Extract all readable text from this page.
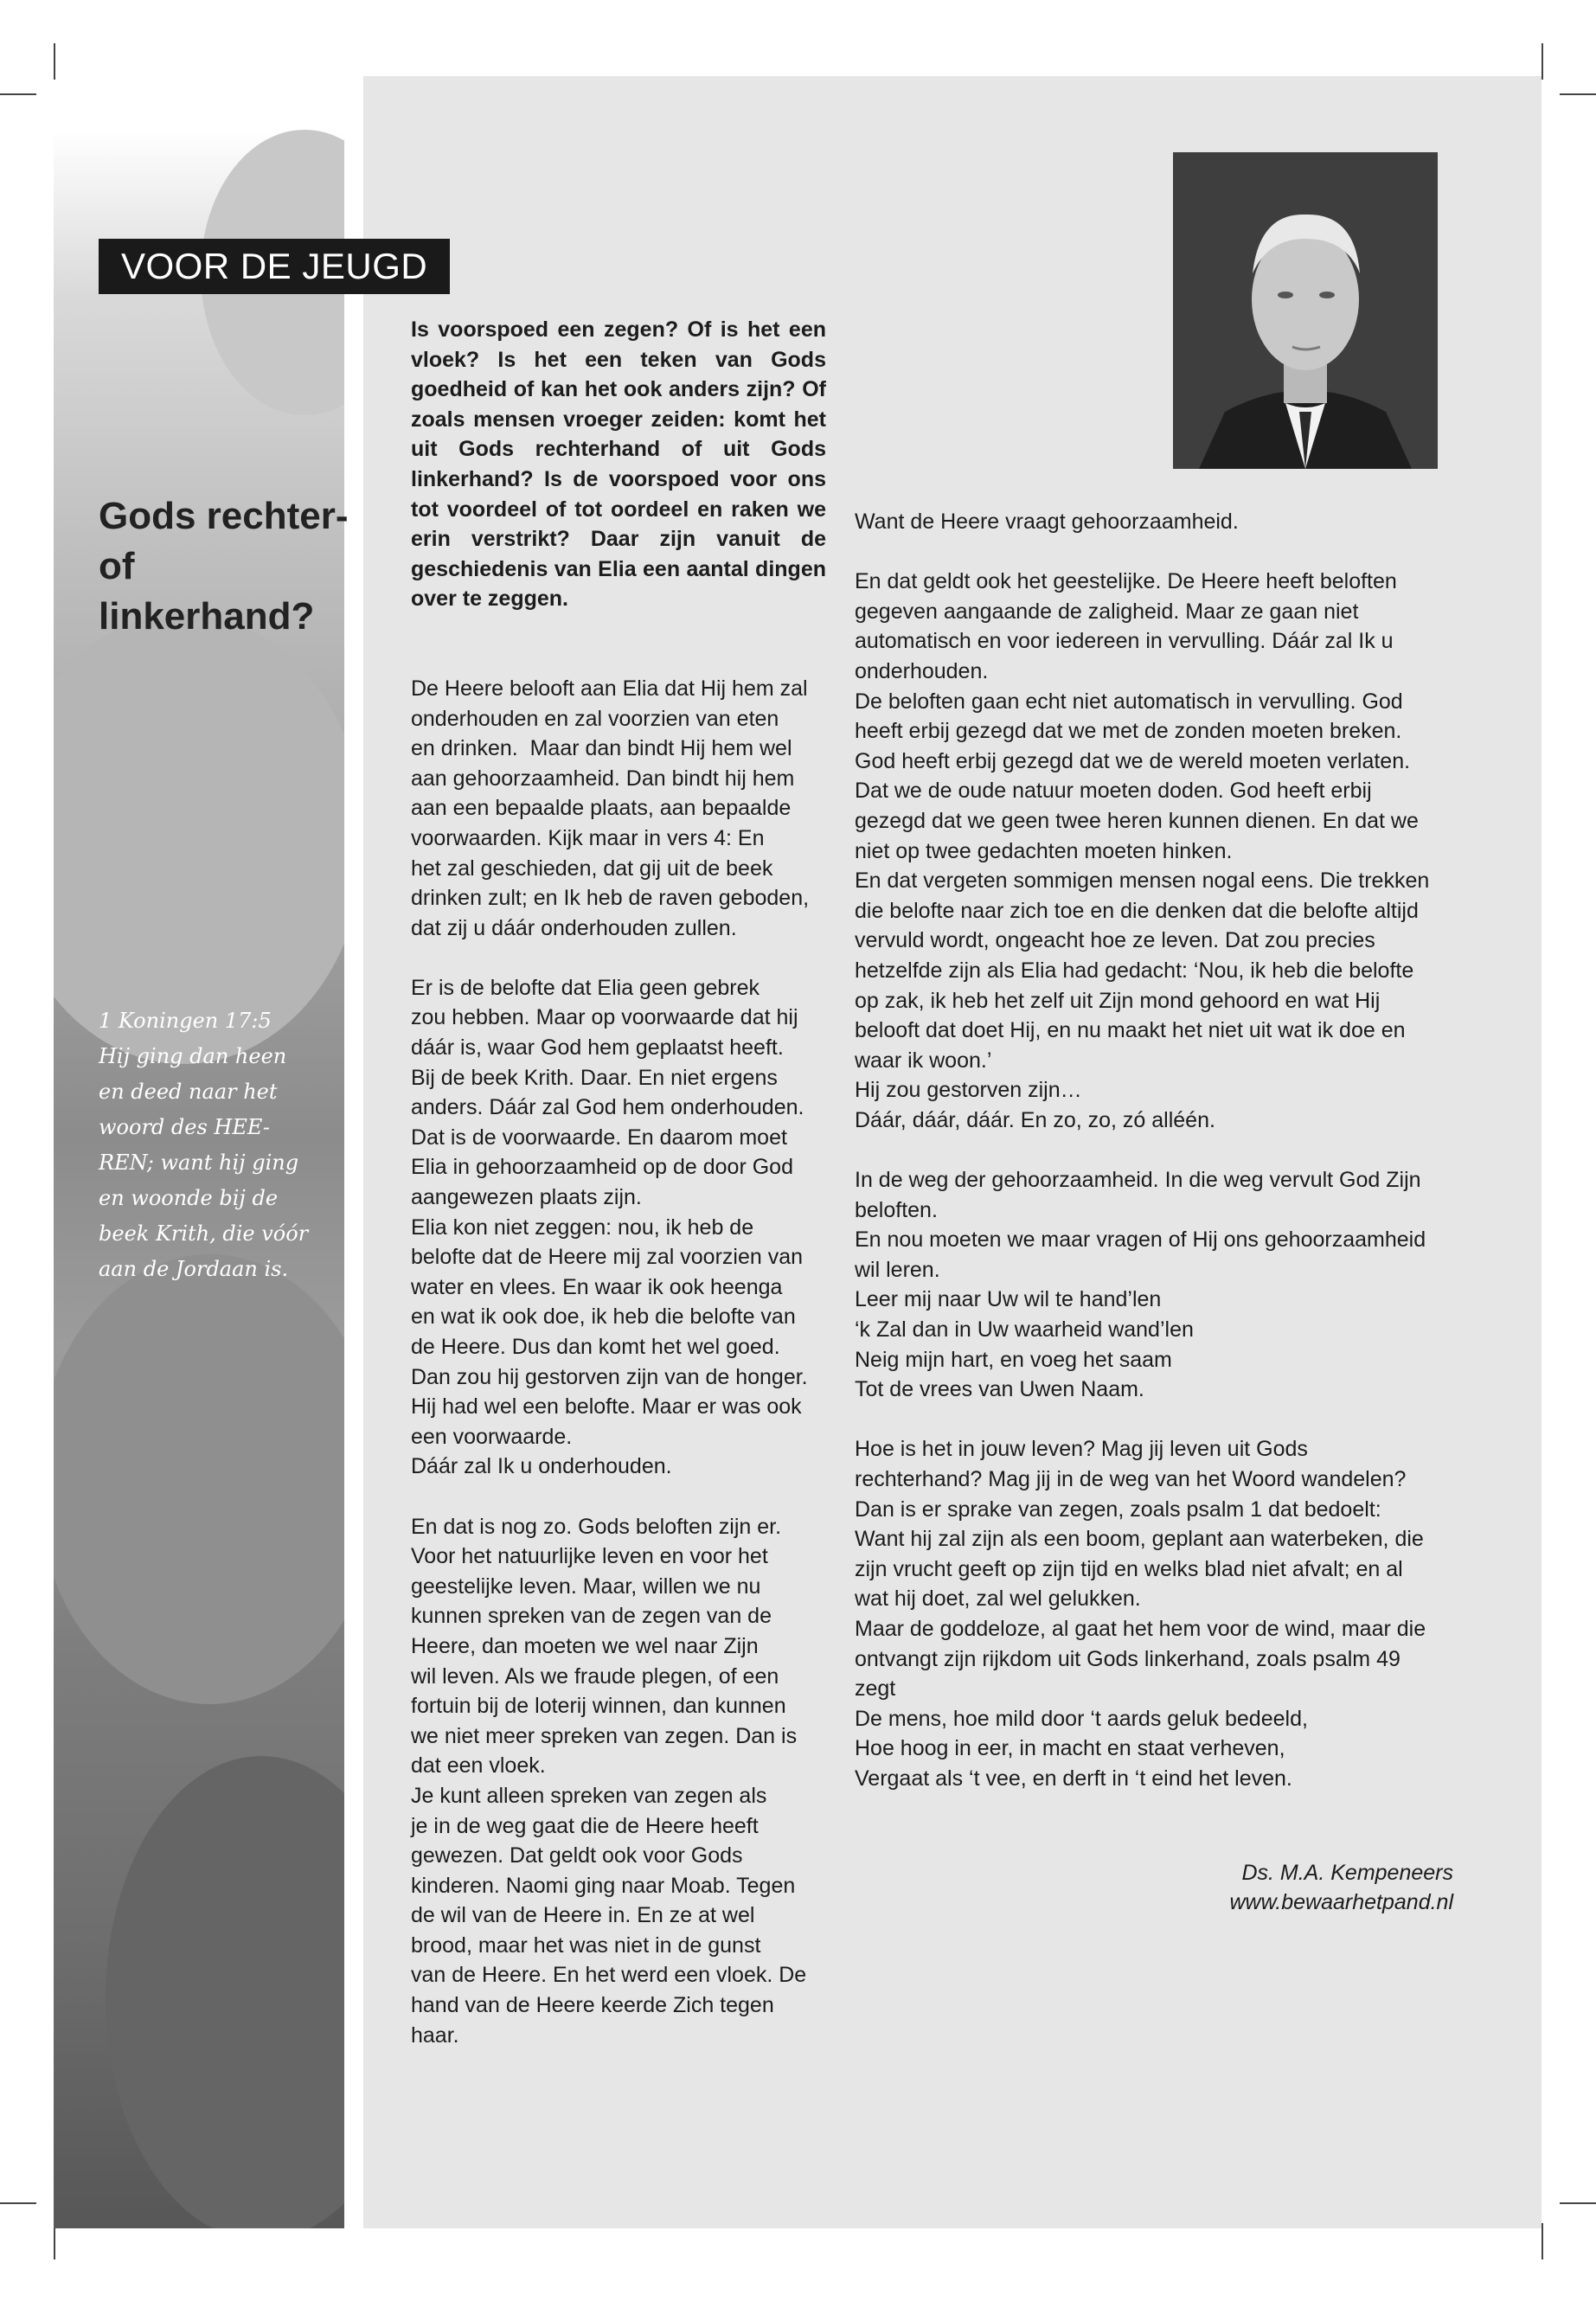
VOOR DE JEUGD
Gods rechter-
of
linkerhand?
1 Koningen 17:5
Hij ging dan heen
en deed naar het
woord des HEE-
REN; want hij ging
en woonde bij de
beek Krith, die vóór
aan de Jordaan is.

Is voorspoed een zegen? Of is het een vloek? Is het een teken van Gods goedheid of kan het ook anders zijn? Of zoals mensen vroeger zeiden: komt het uit Gods rechterhand of uit Gods linkerhand? Is de voorspoed voor ons tot voordeel of tot oordeel en raken we erin verstrikt? Daar zijn vanuit de geschiedenis van Elia een aantal dingen over te zeggen.

De Heere belooft aan Elia dat Hij hem zal
onderhouden en zal voorzien van eten
en drinken.  Maar dan bindt Hij hem wel
aan gehoorzaamheid. Dan bindt hij hem
aan een bepaalde plaats, aan bepaalde
voorwaarden. Kijk maar in vers 4: En
het zal geschieden, dat gij uit de beek
drinken zult; en Ik heb de raven geboden,
dat zij u dáár onderhouden zullen.
Er is de belofte dat Elia geen gebrek
zou hebben. Maar op voorwaarde dat hij
dáár is, waar God hem geplaatst heeft.
Bij de beek Krith. Daar. En niet ergens
anders. Dáár zal God hem onderhouden.
Dat is de voorwaarde. En daarom moet
Elia in gehoorzaamheid op de door God
aangewezen plaats zijn.
Elia kon niet zeggen: nou, ik heb de
belofte dat de Heere mij zal voorzien van
water en vlees. En waar ik ook heenga
en wat ik ook doe, ik heb die belofte van
de Heere. Dus dan komt het wel goed.
Dan zou hij gestorven zijn van de honger.
Hij had wel een belofte. Maar er was ook
een voorwaarde.
Dáár zal Ik u onderhouden.
En dat is nog zo. Gods beloften zijn er.
Voor het natuurlijke leven en voor het
geestelijke leven. Maar, willen we nu
kunnen spreken van de zegen van de
Heere, dan moeten we wel naar Zijn
wil leven. Als we fraude plegen, of een
fortuin bij de loterij winnen, dan kunnen
we niet meer spreken van zegen. Dan is
dat een vloek.
Je kunt alleen spreken van zegen als
je in de weg gaat die de Heere heeft
gewezen. Dat geldt ook voor Gods
kinderen. Naomi ging naar Moab. Tegen
de wil van de Heere in. En ze at wel
brood, maar het was niet in de gunst
van de Heere. En het werd een vloek. De
hand van de Heere keerde Zich tegen
haar.
Want de Heere vraagt gehoorzaamheid.
En dat geldt ook het geestelijke. De Heere heeft beloften
gegeven aangaande de zaligheid. Maar ze gaan niet
automatisch en voor iedereen in vervulling. Dáár zal Ik u
onderhouden.
De beloften gaan echt niet automatisch in vervulling. God
heeft erbij gezegd dat we met de zonden moeten breken.
God heeft erbij gezegd dat we de wereld moeten verlaten.
Dat we de oude natuur moeten doden. God heeft erbij
gezegd dat we geen twee heren kunnen dienen. En dat we
niet op twee gedachten moeten hinken.
En dat vergeten sommigen mensen nogal eens. Die trekken
die belofte naar zich toe en die denken dat die belofte altijd
vervuld wordt, ongeacht hoe ze leven. Dat zou precies
hetzelfde zijn als Elia had gedacht: ‘Nou, ik heb die belofte
op zak, ik heb het zelf uit Zijn mond gehoord en wat Hij
belooft dat doet Hij, en nu maakt het niet uit wat ik doe en
waar ik woon.’
Hij zou gestorven zijn…
Dáár, dáár, dáár. En zo, zo, zó alléén.
In de weg der gehoorzaamheid. In die weg vervult God Zijn
beloften.
En nou moeten we maar vragen of Hij ons gehoorzaamheid
wil leren.
Leer mij naar Uw wil te hand’len
‘k Zal dan in Uw waarheid wand’len
Neig mijn hart, en voeg het saam
Tot de vrees van Uwen Naam.
Hoe is het in jouw leven? Mag jij leven uit Gods
rechterhand? Mag jij in de weg van het Woord wandelen?
Dan is er sprake van zegen, zoals psalm 1 dat bedoelt:
Want hij zal zijn als een boom, geplant aan waterbeken, die
zijn vrucht geeft op zijn tijd en welks blad niet afvalt; en al
wat hij doet, zal wel gelukken.
Maar de goddeloze, al gaat het hem voor de wind, maar die
ontvangt zijn rijkdom uit Gods linkerhand, zoals psalm 49
zegt
De mens, hoe mild door ‘t aards geluk bedeeld,
Hoe hoog in eer, in macht en staat verheven,
Vergaat als ‘t vee, en derft in ‘t eind het leven.
Ds. M.A. Kempeneers
www.bewaarhetpand.nl
